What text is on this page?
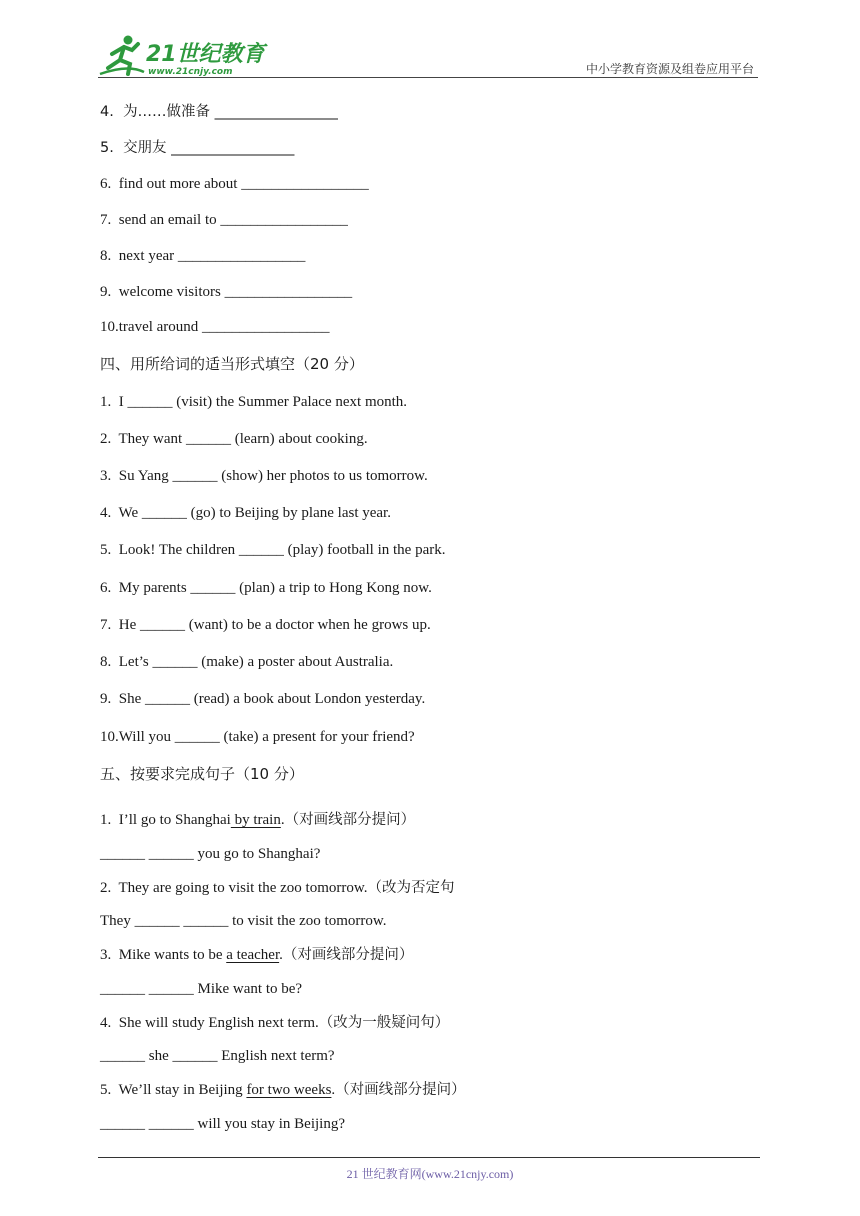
21世纪教育
www.21cnjy.com	中小学教育资源及组卷应用平台
4. 为……做准备 _________________
5. 交朋友 _________________
6. find out more about _________________
7. send an email to _________________
8. next year _________________
9. welcome visitors _________________
10.travel around _________________
四、用所给词的适当形式填空（20 分）
1. I ______ (visit) the Summer Palace next month.
2. They want ______ (learn) about cooking.
3. Su Yang ______ (show) her photos to us tomorrow.
4. We ______ (go) to Beijing by plane last year.
5. Look! The children ______ (play) football in the park.
6. My parents ______ (plan) a trip to Hong Kong now.
7. He ______ (want) to be a doctor when he grows up.
8. Let’s ______ (make) a poster about Australia.
9. She ______ (read) a book about London yesterday.
10.Will you ______ (take) a present for your friend?
五、按要求完成句子（10 分）
1. I’ll go to Shanghai by train.（对画线部分提问）
______ ______ you go to Shanghai?
2. They are going to visit the zoo tomorrow.（改为否定句
They ______ ______ to visit the zoo tomorrow.
3. Mike wants to be a teacher.（对画线部分提问）
______ ______ Mike want to be?
4. She will study English next term.（改为一般疑问句）
______ she ______ English next term?
5. We’ll stay in Beijing for two weeks.（对画线部分提问）
______ ______ will you stay in Beijing?
21 世纪教育网(www.21cnjy.com)
